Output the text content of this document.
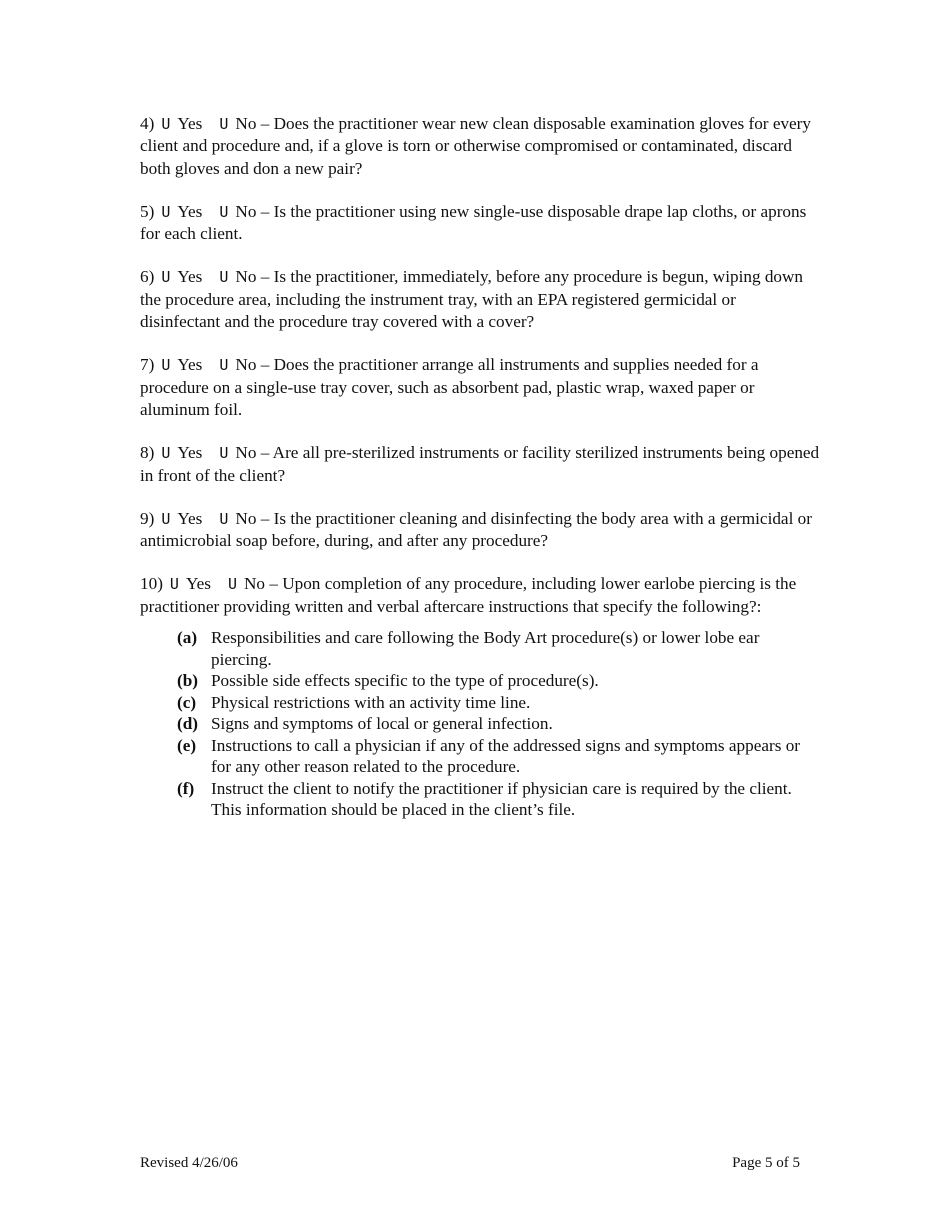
4) U Yes U No – Does the practitioner wear new clean disposable examination gloves for every client and procedure and, if a glove is torn or otherwise compromised or contaminated, discard both gloves and don a new pair?

5) U Yes U No – Is the practitioner using new single-use disposable drape lap cloths, or aprons for each client.

6) U Yes U No – Is the practitioner, immediately, before any procedure is begun, wiping down the procedure area, including the instrument tray, with an EPA registered germicidal or disinfectant and the procedure tray covered with a cover?

7) U Yes U No – Does the practitioner arrange all instruments and supplies needed for a procedure on a single-use tray cover, such as absorbent pad, plastic wrap, waxed paper or aluminum foil.

8) U Yes U No – Are all pre-sterilized instruments or facility sterilized instruments being opened in front of the client?

9) U Yes U No – Is the practitioner cleaning and disinfecting the body area with a germicidal or antimicrobial soap before, during, and after any procedure?

10) U Yes U No – Upon completion of any procedure, including lower earlobe piercing is the practitioner providing written and verbal aftercare instructions that specify the following?:

(a) Responsibilities and care following the Body Art procedure(s) or lower lobe ear piercing.
(b) Possible side effects specific to the type of procedure(s).
(c) Physical restrictions with an activity time line.
(d) Signs and symptoms of local or general infection.
(e) Instructions to call a physician if any of the addressed signs and symptoms appears or for any other reason related to the procedure.
(f) Instruct the client to notify the practitioner if physician care is required by the client. This information should be placed in the client’s file.
Revised 4/26/06	Page 5 of 5
